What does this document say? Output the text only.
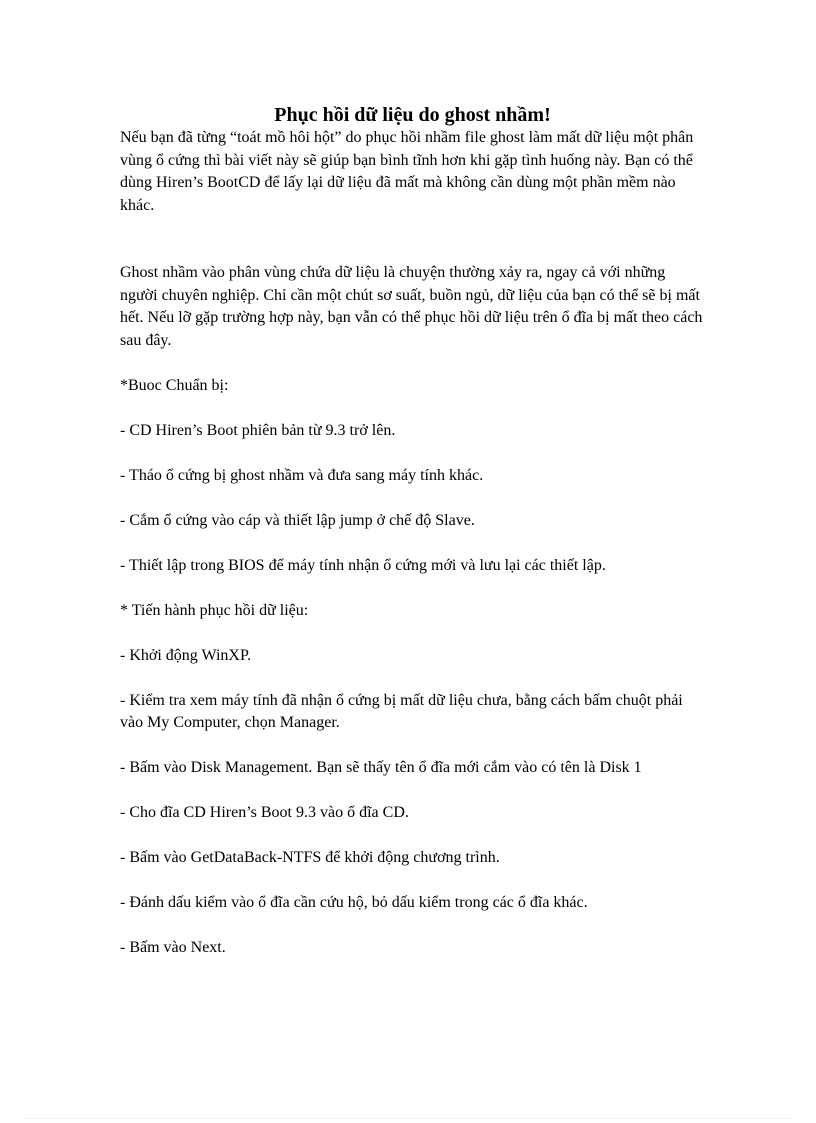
Phục hồi dữ liệu do ghost nhầm!

Nếu bạn đã từng “toát mồ hôi hột” do phục hồi nhầm file ghost làm mất dữ liệu một phân vùng ổ cứng thì bài viết này sẽ giúp bạn bình tĩnh hơn khi gặp tình huống này. Bạn có thể dùng Hiren’s BootCD để lấy lại dữ liệu đã mất mà không cần dùng một phần mềm nào khác.

Ghost nhầm vào phân vùng chứa dữ liệu là chuyện thường xảy ra, ngay cả với những người chuyên nghiệp. Chỉ cần một chút sơ suất, buồn ngủ, dữ liệu của bạn có thể sẽ bị mất hết. Nếu lỡ gặp trường hợp này, bạn vẫn có thể phục hồi dữ liệu trên ổ đĩa bị mất theo cách sau đây.

*Buoc Chuẩn bị:

- CD Hiren’s Boot phiên bản từ 9.3 trở lên.

- Tháo ổ cứng bị ghost nhầm và đưa sang máy tính khác.

- Cắm ổ cứng vào cáp và thiết lập jump ở chế độ Slave.

- Thiết lập trong BIOS để máy tính nhận ổ cứng mới và lưu lại các thiết lập.

* Tiến hành phục hồi dữ liệu:

- Khởi động WinXP.

- Kiểm tra xem máy tính đã nhận ổ cứng bị mất dữ liệu chưa, bằng cách bấm chuột phải vào My Computer, chọn Manager.

- Bấm vào Disk Management. Bạn sẽ thấy tên ổ đĩa mới cắm vào có tên là Disk 1

- Cho đĩa CD Hiren’s Boot 9.3 vào ổ đĩa CD.

- Bấm vào GetDataBack-NTFS để khởi động chương trình.

- Đánh dấu kiểm vào ổ đĩa cần cứu hộ, bỏ dấu kiểm trong các ổ đĩa khác.

- Bấm vào Next.
